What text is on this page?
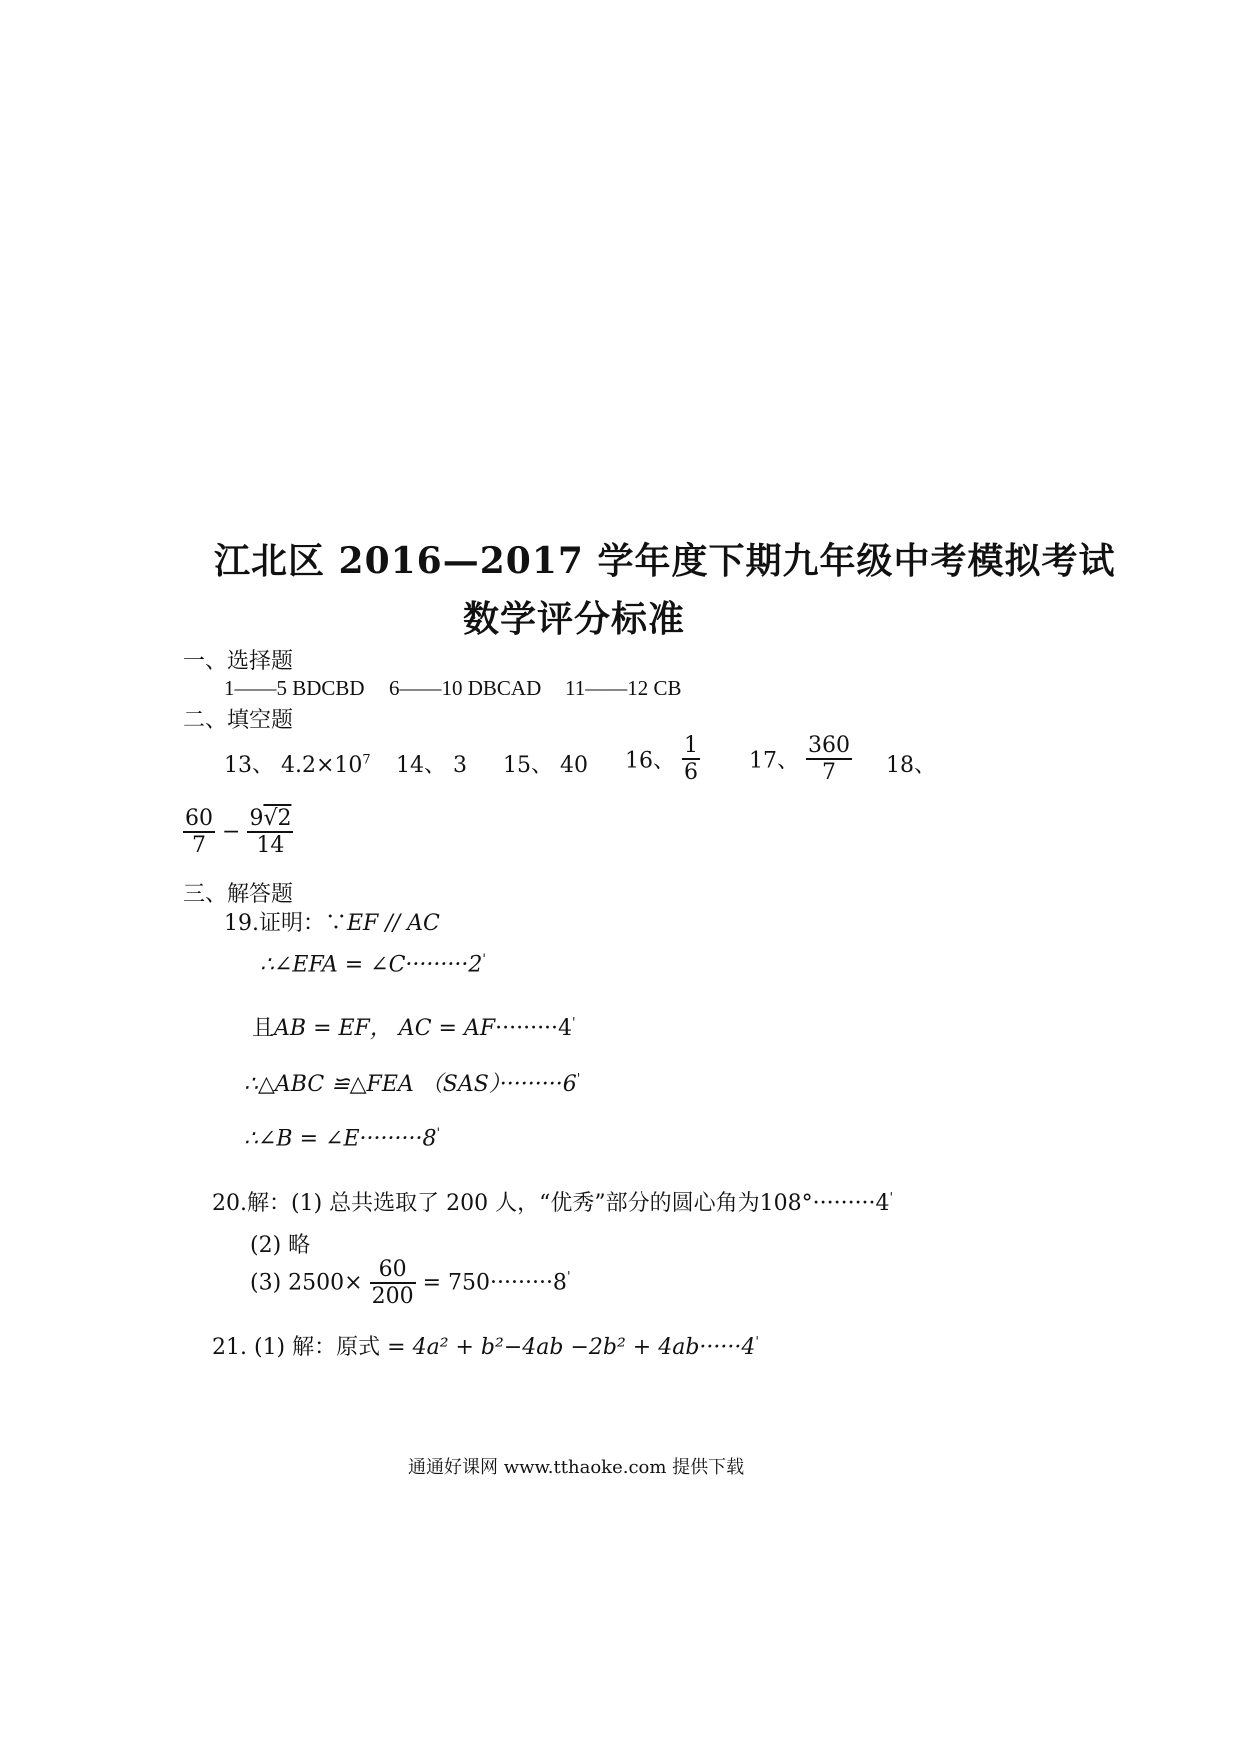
江北区 2016—2017 学年度下期九年级中考模拟考试
数学评分标准
一、选择题
1——5 BDCBD 6——10 DBCAD 11——12 CB
二、填空题
13、 $4.2\times 10^7$ 14、 3 15、 40 16、 $\frac{1}{6} 17$、 $\frac{360}{7} 18$、
$\frac{60}{7} - \frac{9√2}{14}$
三、解答题
19.证明：∵EF // AC
∴∠EFA = ∠C·········2'
且AB = EF， AC = AF·········4'
∴△ABC ≌△FEA （SAS）·········6'
∴∠B = ∠E·········8'
20.解：(1) 总共选取了 200 人，“优秀”部分的圆心角为108°·········4'
(2) 略
(3) $2500\times \frac{60}{200} = 750\cdot\cdot\cdot\cdot\cdot\cdot\cdot\cdot\cdot 8'$
21. (1) 解：原式 = 4a² + b²−4ab −2b² + 4ab······4'
通通好课网 www.tthaoke.com 提供下载
